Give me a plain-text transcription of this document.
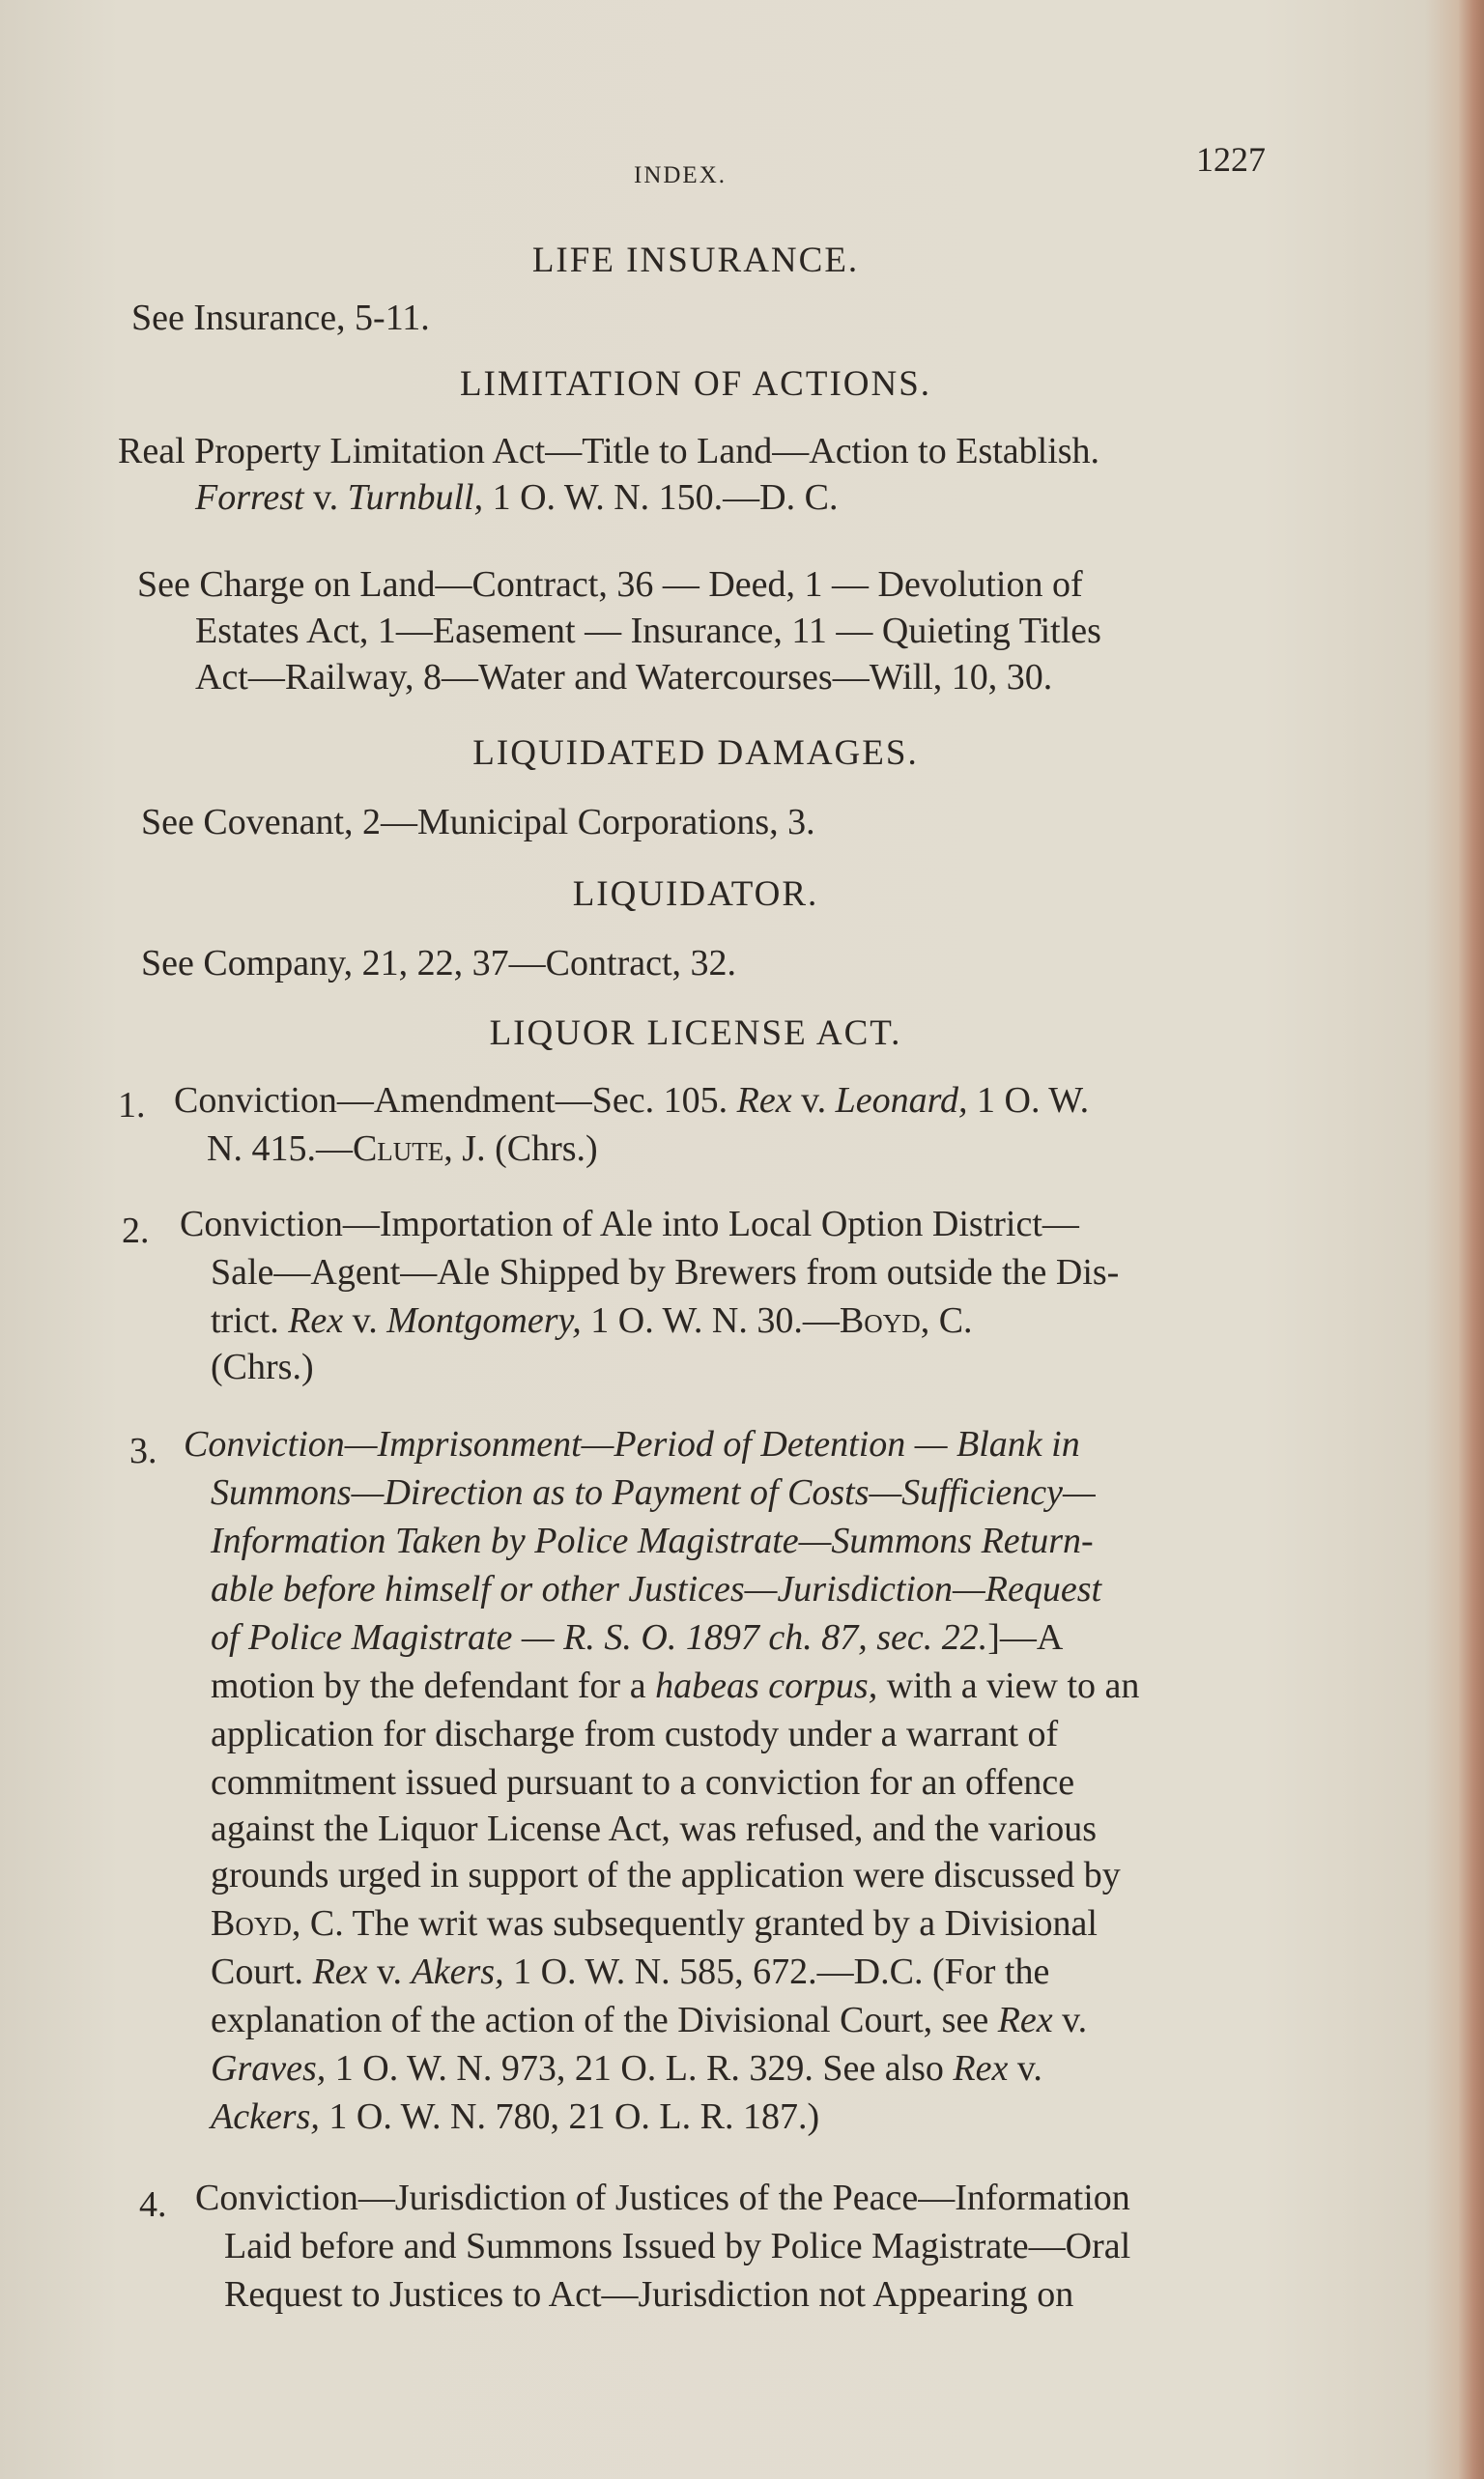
INDEX.	1227
LIFE INSURANCE.
See Insurance, 5-11.
LIMITATION OF ACTIONS.
Real Property Limitation Act—Title to Land—Action to Establish.
Forrest v. Turnbull, 1 O. W. N. 150.—D. C.
See Charge on Land—Contract, 36 — Deed, 1 — Devolution of
Estates Act, 1—Easement — Insurance, 11 — Quieting Titles
Act—Railway, 8—Water and Watercourses—Will, 10, 30.
LIQUIDATED DAMAGES.
See Covenant, 2—Municipal Corporations, 3.
LIQUIDATOR.
See Company, 21, 22, 37—Contract, 32.
LIQUOR LICENSE ACT.
1. Conviction—Amendment—Sec. 105. Rex v. Leonard, 1 O. W.
N. 415.—Clute, J. (Chrs.)
2. Conviction—Importation of Ale into Local Option District—
Sale—Agent—Ale Shipped by Brewers from outside the Dis-
trict. Rex v. Montgomery, 1 O. W. N. 30.—Boyd, C.
(Chrs.)
3. Conviction—Imprisonment—Period of Detention — Blank in
Summons—Direction as to Payment of Costs—Sufficiency—
Information Taken by Police Magistrate—Summons Return-
able before himself or other Justices—Jurisdiction—Request
of Police Magistrate — R. S. O. 1897 ch. 87, sec. 22.]—A
motion by the defendant for a habeas corpus, with a view to an
application for discharge from custody under a warrant of
commitment issued pursuant to a conviction for an offence
against the Liquor License Act, was refused, and the various
grounds urged in support of the application were discussed by
Boyd, C. The writ was subsequently granted by a Divisional
Court. Rex v. Akers, 1 O. W. N. 585, 672.—D.C. (For the
explanation of the action of the Divisional Court, see Rex v.
Graves, 1 O. W. N. 973, 21 O. L. R. 329. See also Rex v.
Ackers, 1 O. W. N. 780, 21 O. L. R. 187.)
4. Conviction—Jurisdiction of Justices of the Peace—Information
Laid before and Summons Issued by Police Magistrate—Oral
Request to Justices to Act—Jurisdiction not Appearing on
